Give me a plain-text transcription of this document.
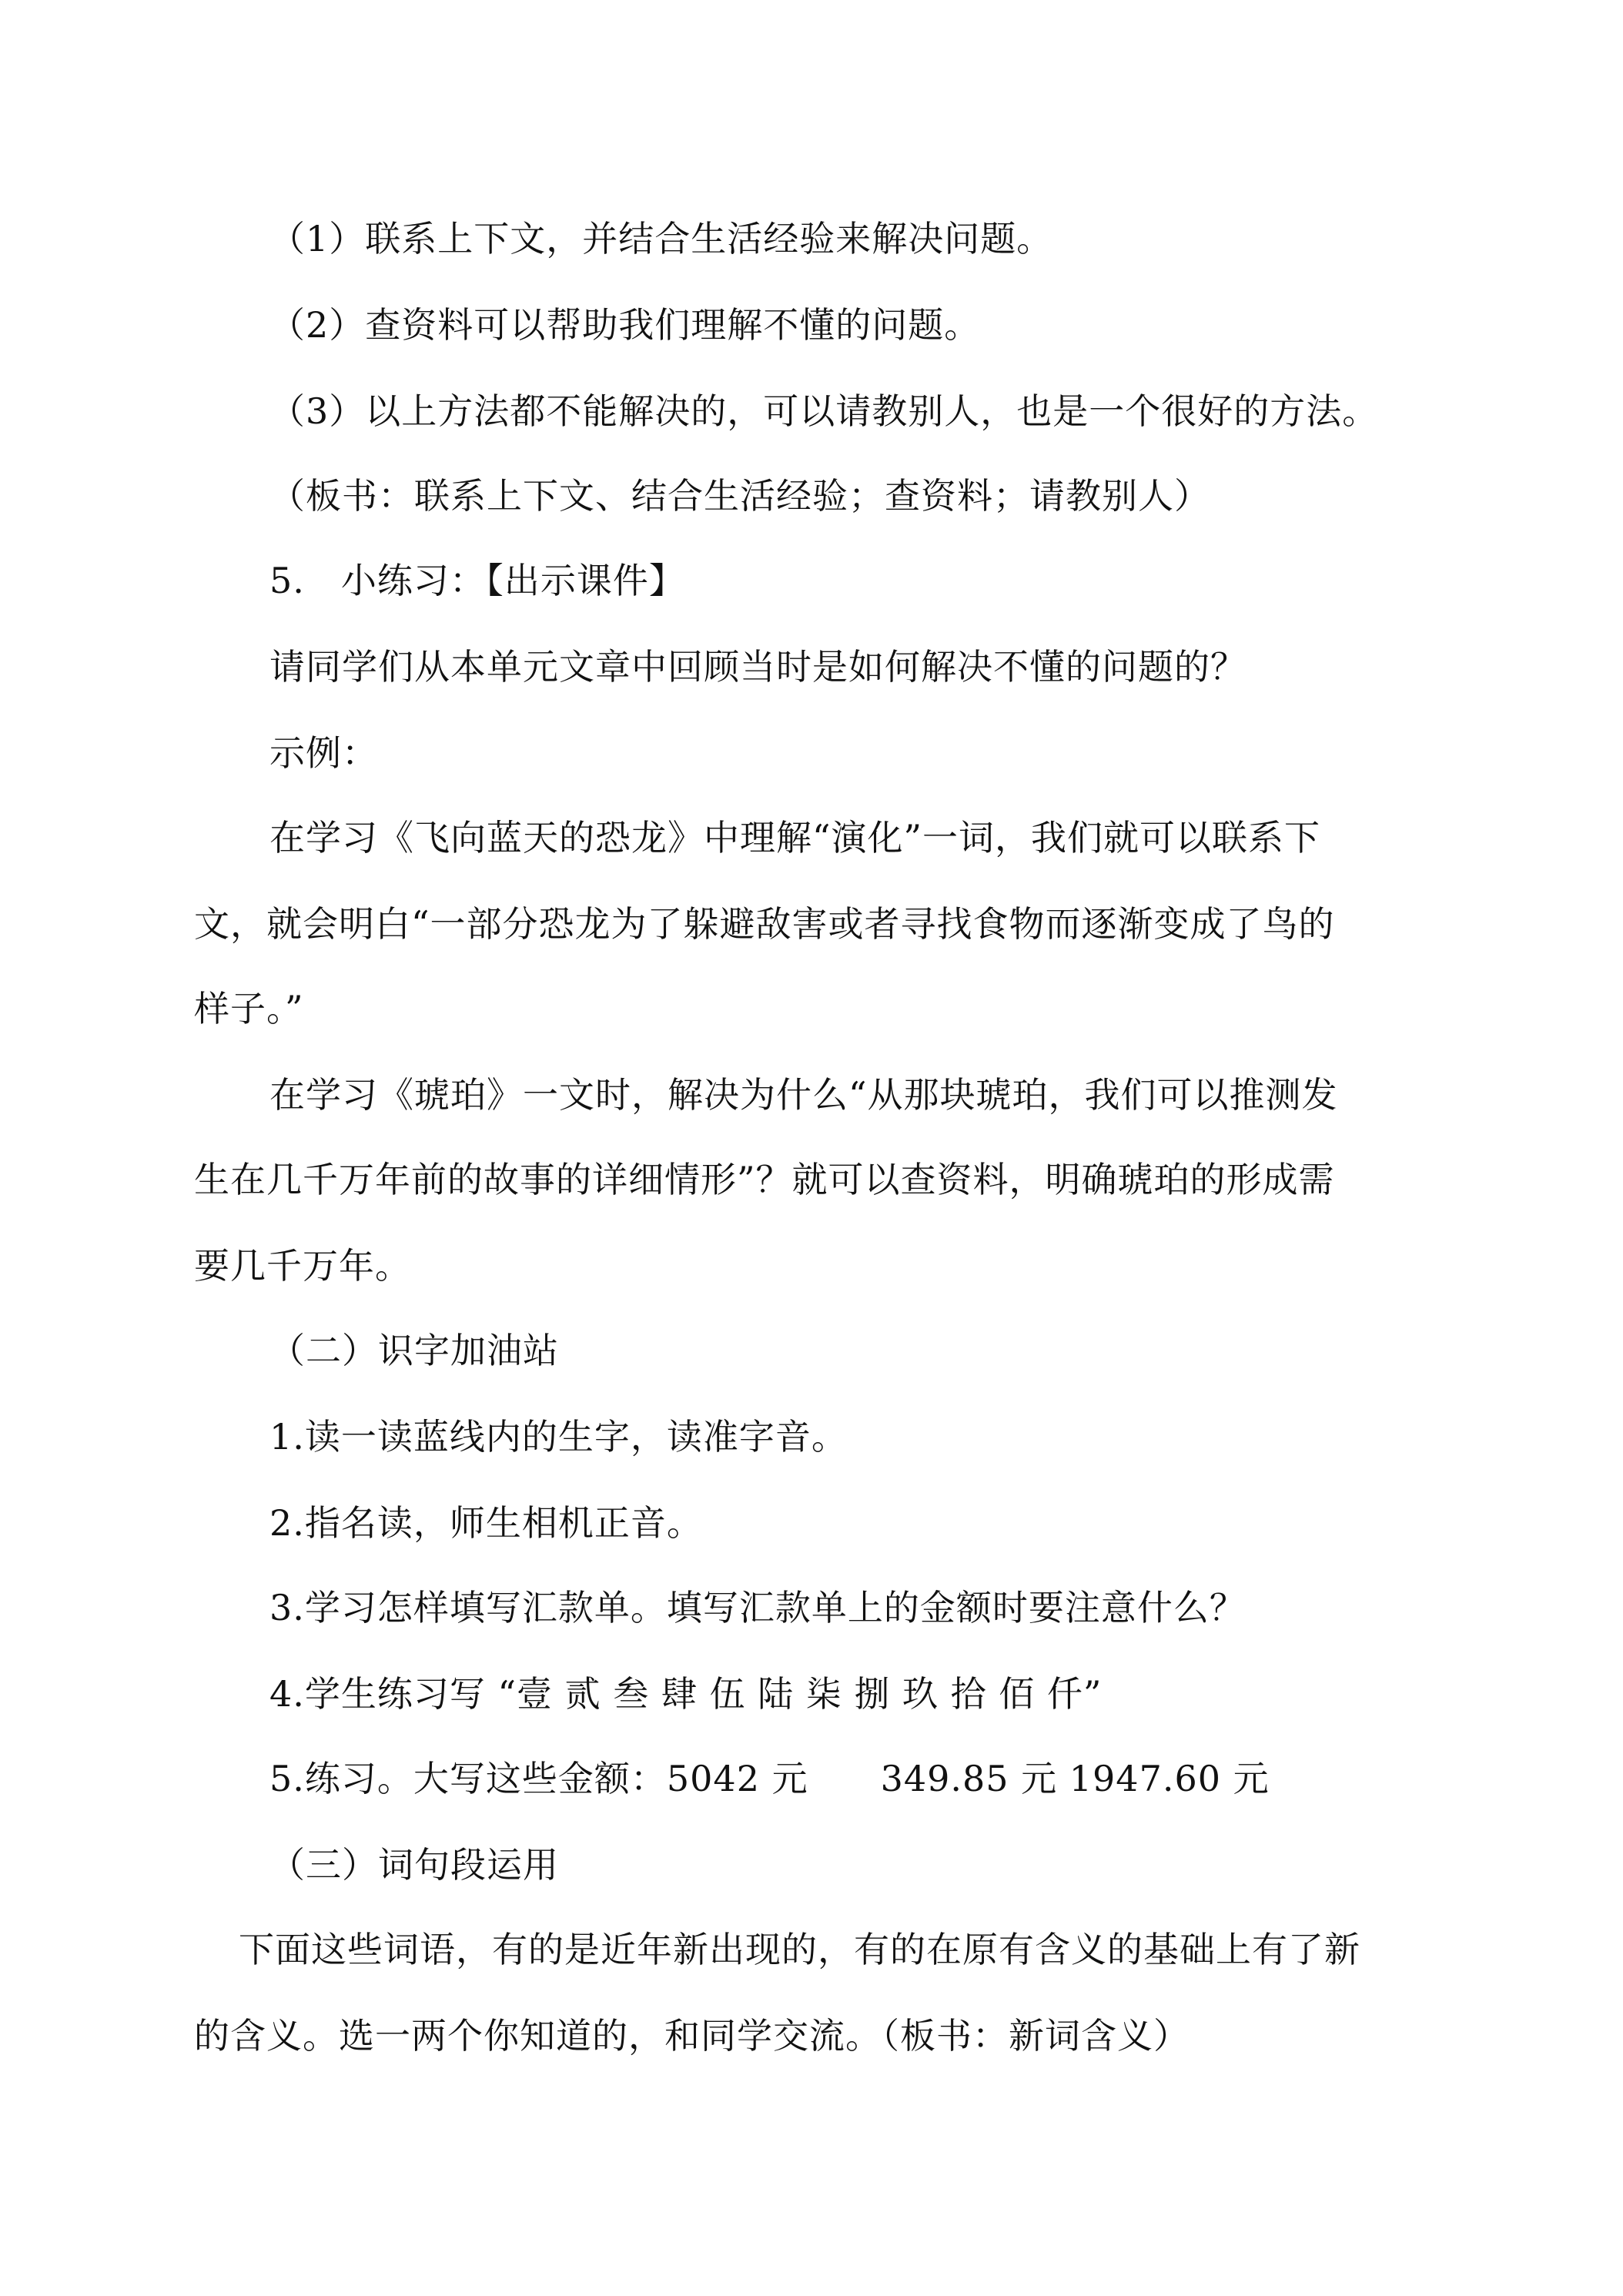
（1）联系上下文，并结合生活经验来解决问题。
（2）查资料可以帮助我们理解不懂的问题。
（3）以上方法都不能解决的，可以请教别人，也是一个很好的方法。
（板书：联系上下文、结合生活经验；查资料；请教别人）
5.　小练习：【出示课件】
请同学们从本单元文章中回顾当时是如何解决不懂的问题的？
示例：
在学习《飞向蓝天的恐龙》中理解“演化”一词，我们就可以联系下
文，就会明白“一部分恐龙为了躲避敌害或者寻找食物而逐渐变成了鸟的
样子。”
在学习《琥珀》一文时，解决为什么“从那块琥珀，我们可以推测发
生在几千万年前的故事的详细情形”？就可以查资料，明确琥珀的形成需
要几千万年。
（二）识字加油站
1.读一读蓝线内的生字，读准字音。
2.指名读，师生相机正音。
3.学习怎样填写汇款单。填写汇款单上的金额时要注意什么？
4.学生练习写 “壹 贰 叁 肆 伍 陆 柒 捌 玖 拾 佰 仟”
5.练习。大写这些金额：5042 元　　349.85 元 1947.60 元
（三）词句段运用
下面这些词语，有的是近年新出现的，有的在原有含义的基础上有了新
的含义。选一两个你知道的，和同学交流。（板书：新词含义）
